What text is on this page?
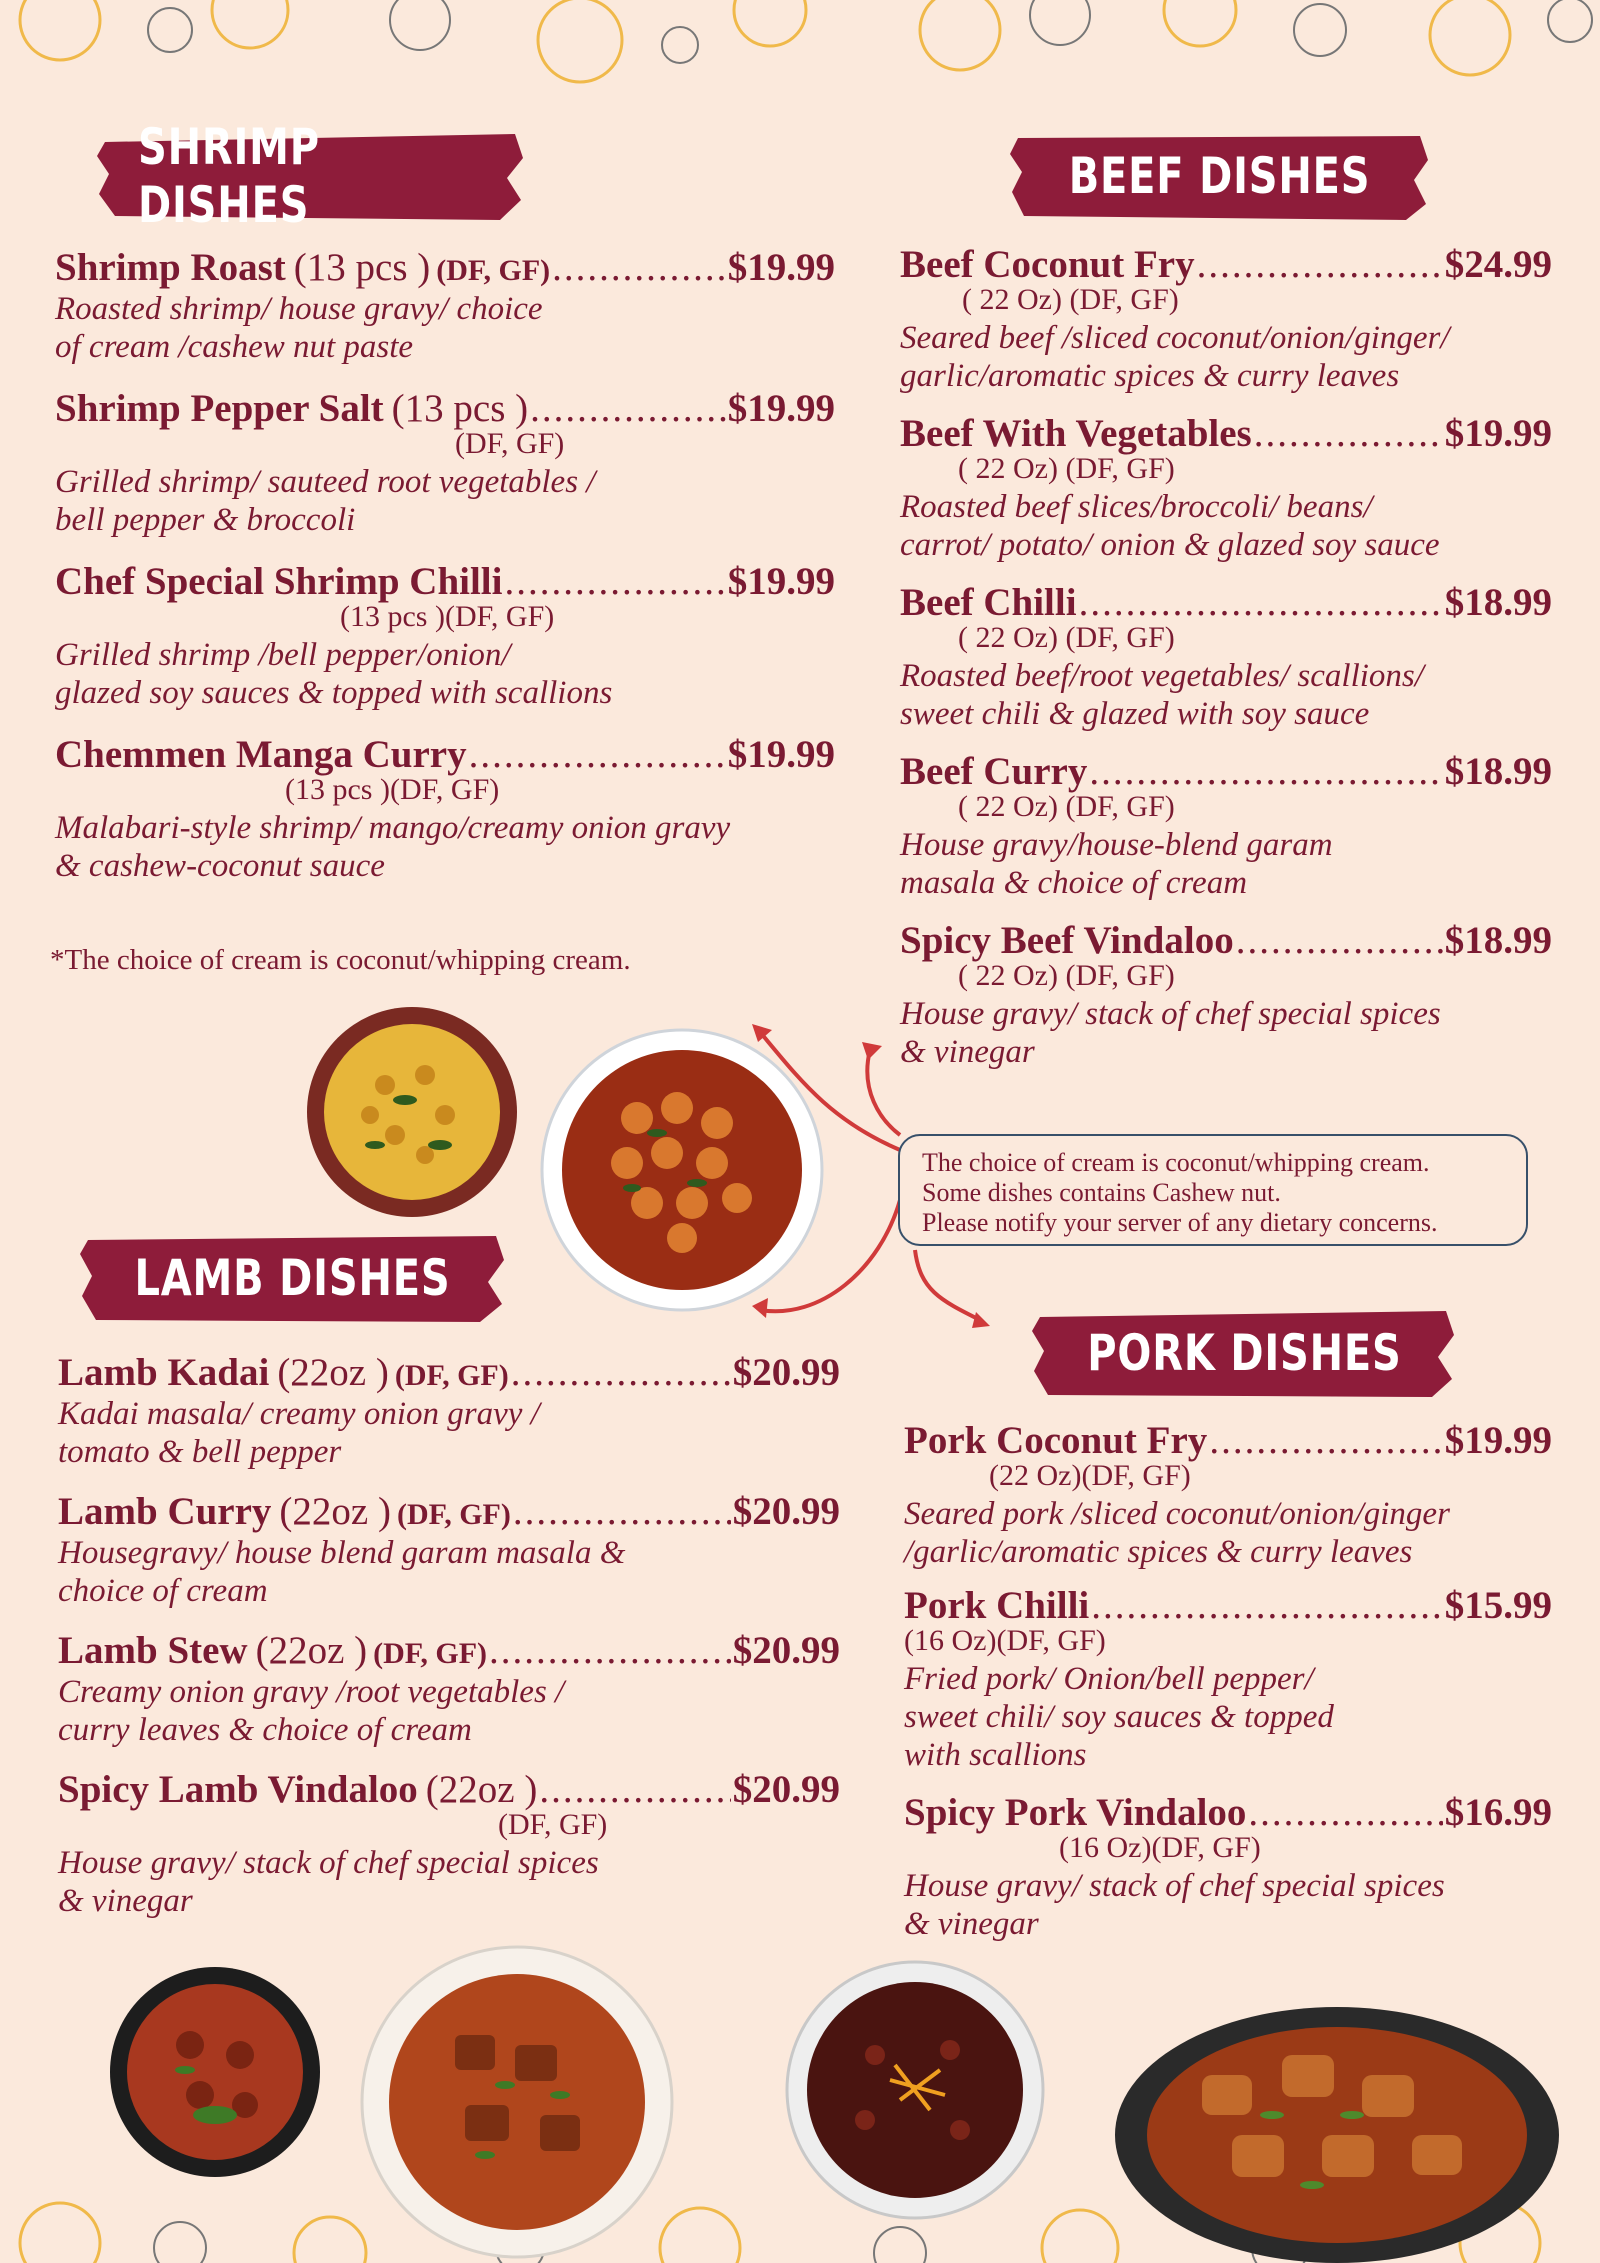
SHRIMP DISHES
Shrimp Roast (13 pcs ) (DF, GF) .....	$19.99
Roasted shrimp/ house gravy/ choice
of cream /cashew nut paste
Shrimp Pepper Salt (13 pcs ) .....	$19.99
(DF, GF)
Grilled shrimp/ sauteed root vegetables /
bell pepper & broccoli
Chef Special Shrimp Chilli .....	$19.99
(13 pcs )(DF, GF)
Grilled shrimp /bell pepper/onion/
glazed soy sauces & topped with scallions
Chemmen Manga Curry .....	$19.99
(13 pcs )(DF, GF)
Malabari-style shrimp/ mango/creamy onion gravy
& cashew-coconut sauce
*The choice of cream is coconut/whipping cream.
BEEF DISHES
Beef Coconut Fry .....	$24.99
( 22 Oz) (DF, GF)
Seared beef /sliced coconut/onion/ginger/
garlic/aromatic spices & curry leaves
Beef With Vegetables .....	$19.99
( 22 Oz) (DF, GF)
Roasted beef slices/broccoli/ beans/
carrot/ potato/ onion & glazed soy sauce
Beef Chilli .....	$18.99
( 22 Oz) (DF, GF)
Roasted beef/root vegetables/ scallions/
sweet chili & glazed with soy sauce
Beef Curry .....	$18.99
( 22 Oz) (DF, GF)
House gravy/house-blend garam
masala & choice of cream
Spicy Beef Vindaloo .....	$18.99
( 22 Oz) (DF, GF)
House gravy/ stack of chef special spices
& vinegar
The choice of cream is coconut/whipping cream.
Some dishes contains Cashew nut.
Please notify your server of any dietary concerns.
LAMB DISHES
Lamb Kadai (22oz ) (DF, GF) .....	$20.99
Kadai masala/ creamy onion gravy /
tomato & bell pepper
Lamb Curry (22oz ) (DF, GF) .....	$20.99
Housegravy/ house blend garam masala &
choice of cream
Lamb Stew (22oz ) (DF, GF) .....	$20.99
Creamy onion gravy /root vegetables /
curry leaves & choice of cream
Spicy Lamb Vindaloo (22oz ) .....	$20.99
(DF, GF)
House gravy/ stack of chef special spices
& vinegar
PORK DISHES
Pork Coconut Fry .....	$19.99
(22 Oz)(DF, GF)
Seared pork /sliced coconut/onion/ginger
/garlic/aromatic spices & curry leaves
Pork Chilli .....	$15.99
(16 Oz)(DF, GF)
Fried pork/ Onion/bell pepper/
sweet chili/ soy sauces & topped
with scallions
Spicy Pork Vindaloo .....	$16.99
(16 Oz)(DF, GF)
House gravy/ stack of chef special spices
& vinegar
